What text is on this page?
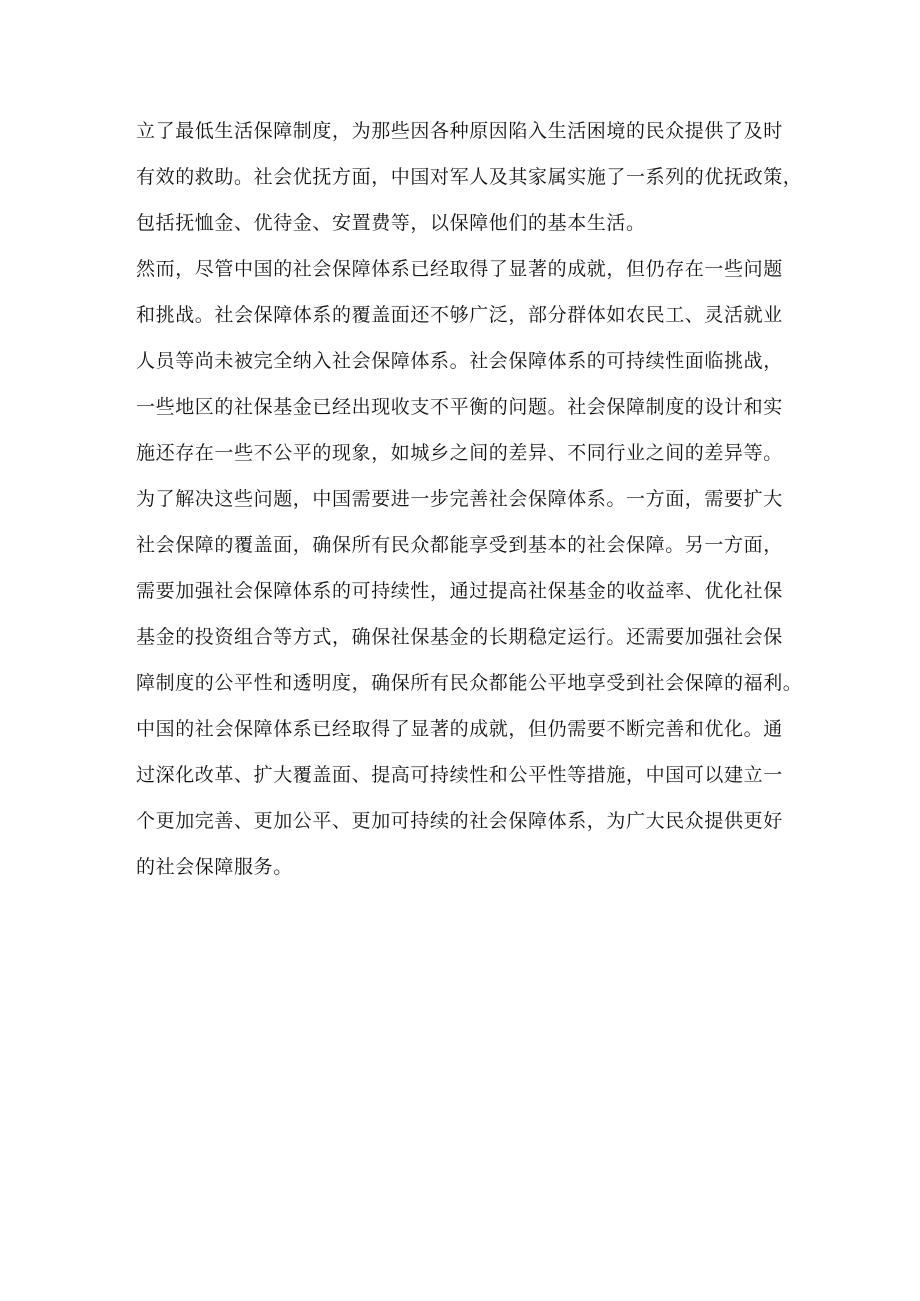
立了最低生活保障制度，为那些因各种原因陷入生活困境的民众提供了及时
有效的救助。社会优抚方面，中国对军人及其家属实施了一系列的优抚政策，
包括抚恤金、优待金、安置费等，以保障他们的基本生活。
然而，尽管中国的社会保障体系已经取得了显著的成就，但仍存在一些问题
和挑战。社会保障体系的覆盖面还不够广泛，部分群体如农民工、灵活就业
人员等尚未被完全纳入社会保障体系。社会保障体系的可持续性面临挑战，
一些地区的社保基金已经出现收支不平衡的问题。社会保障制度的设计和实
施还存在一些不公平的现象，如城乡之间的差异、不同行业之间的差异等。
为了解决这些问题，中国需要进一步完善社会保障体系。一方面，需要扩大
社会保障的覆盖面，确保所有民众都能享受到基本的社会保障。另一方面，
需要加强社会保障体系的可持续性，通过提高社保基金的收益率、优化社保
基金的投资组合等方式，确保社保基金的长期稳定运行。还需要加强社会保
障制度的公平性和透明度，确保所有民众都能公平地享受到社会保障的福利。
中国的社会保障体系已经取得了显著的成就，但仍需要不断完善和优化。通
过深化改革、扩大覆盖面、提高可持续性和公平性等措施，中国可以建立一
个更加完善、更加公平、更加可持续的社会保障体系，为广大民众提供更好
的社会保障服务。
